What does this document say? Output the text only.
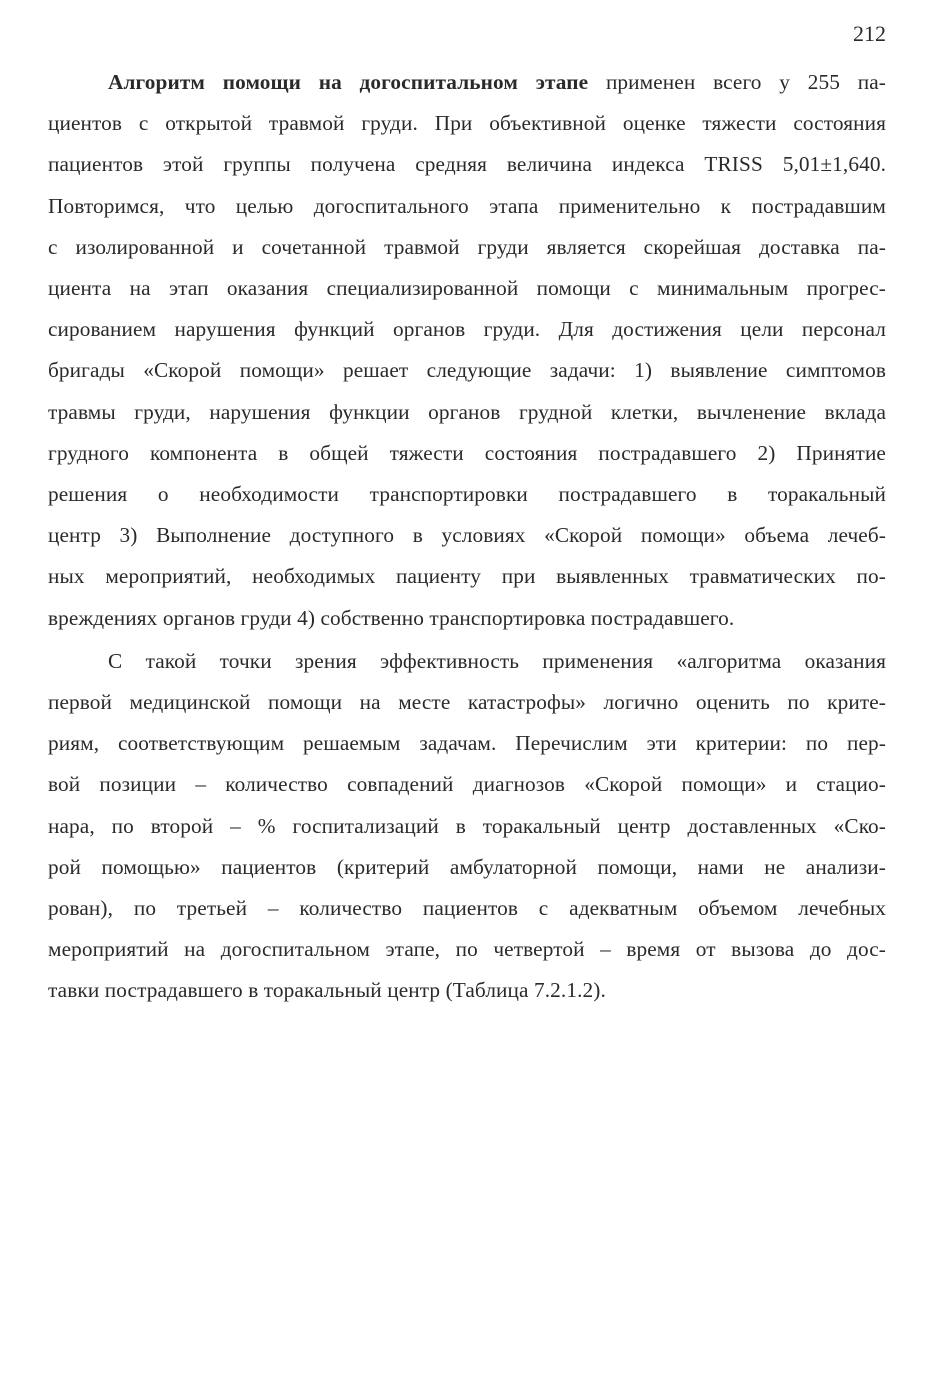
212

Алгоритм помощи на догоспитальном этапе применен всего у 255 па-
циентов с открытой травмой груди. При объективной оценке тяжести состояния
пациентов этой группы получена средняя величина индекса TRISS 5,01±1,640.
Повторимся, что целью догоспитального этапа применительно к пострадавшим
с изолированной и сочетанной травмой груди является скорейшая доставка па-
циента на этап оказания специализированной помощи с минимальным прогрес-
сированием нарушения функций органов груди. Для достижения цели персонал
бригады «Скорой помощи» решает следующие задачи: 1) выявление симптомов
травмы груди, нарушения функции органов грудной клетки, вычленение вклада
грудного компонента в общей тяжести состояния пострадавшего 2) Принятие
решения о необходимости транспортировки пострадавшего в торакальный
центр 3) Выполнение доступного в условиях «Скорой помощи» объема лечеб-
ных мероприятий, необходимых пациенту при выявленных травматических по-
вреждениях органов груди 4) собственно транспортировка пострадавшего.

С такой точки зрения эффективность применения «алгоритма оказания
первой медицинской помощи на месте катастрофы» логично оценить по крите-
риям, соответствующим решаемым задачам. Перечислим эти критерии: по пер-
вой позиции – количество совпадений диагнозов «Скорой помощи» и стацио-
нара, по второй – % госпитализаций в торакальный центр доставленных «Ско-
рой помощью» пациентов (критерий амбулаторной помощи, нами не анализи-
рован), по третьей – количество пациентов с адекватным объемом лечебных
мероприятий на догоспитальном этапе, по четвертой – время от вызова до дос-
тавки пострадавшего в торакальный центр (Таблица 7.2.1.2).
